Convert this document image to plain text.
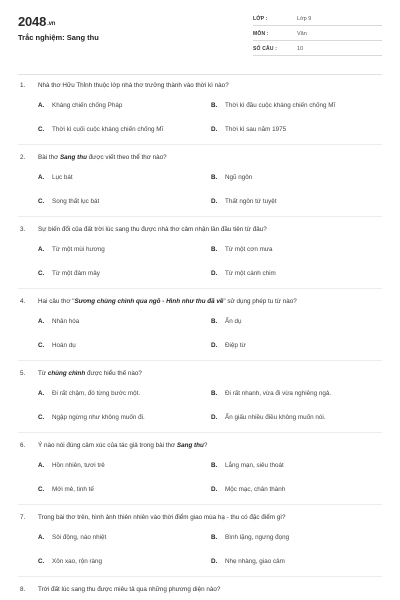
2048.vn
Trắc nghiệm: Sang thu
LỚP :	Lớp 9
MÔN :	Văn
SỐ CÂU :	10
1. Nhà thơ Hữu Thỉnh thuộc lớp nhà thơ trưởng thành vào thời kì nào?
A. Kháng chiến chống Pháp	B. Thời kì đầu cuộc kháng chiến chống Mĩ
C. Thời kì cuối cuộc kháng chiến chống Mĩ	D. Thời kì sau năm 1975
2. Bài thơ Sang thu được viết theo thể thơ nào?
A. Lục bát	B. Ngũ ngôn
C. Song thất lục bát	D. Thất ngôn tứ tuyệt
3. Sự biến đổi của đất trời lúc sang thu được nhà thơ cảm nhận lần đầu tiên từ đâu?
A. Từ một mùi hương	B. Từ một cơn mưa
C. Từ một đám mây	D. Từ một cánh chim
4. Hai câu thơ "Sương chùng chình qua ngõ - Hình như thu đã về" sử dụng phép tu từ nào?
A. Nhân hóa	B. Ẩn dụ
C. Hoán dụ	D. Điệp từ
5. Từ chùng chình được hiểu thế nào?
A. Đi rất chậm, đó từng bước một.	B. Đi rất nhanh, vừa đi vừa nghiêng ngả.
C. Ngập ngừng như không muốn đi.	D. Ẩn giấu nhiều điều không muốn nói.
6. Ý nào nói đúng cảm xúc của tác giả trong bài thơ Sang thu?
A. Hồn nhiên, tươi trẻ	B. Lắng mạn, siêu thoát
C. Mới mẻ, tinh tế	D. Mộc mạc, chân thành
7. Trong bài thơ trên, hình ảnh thiên nhiên vào thời điểm giao mùa hạ - thu có đặc điểm gì?
A. Sôi động, náo nhiệt	B. Bình lặng, ngưng đọng
C. Xôn xao, rộn ràng	D. Nhẹ nhàng, giao cảm
8. Trời đất lúc sang thu được miêu tả qua những phương diện nào?
